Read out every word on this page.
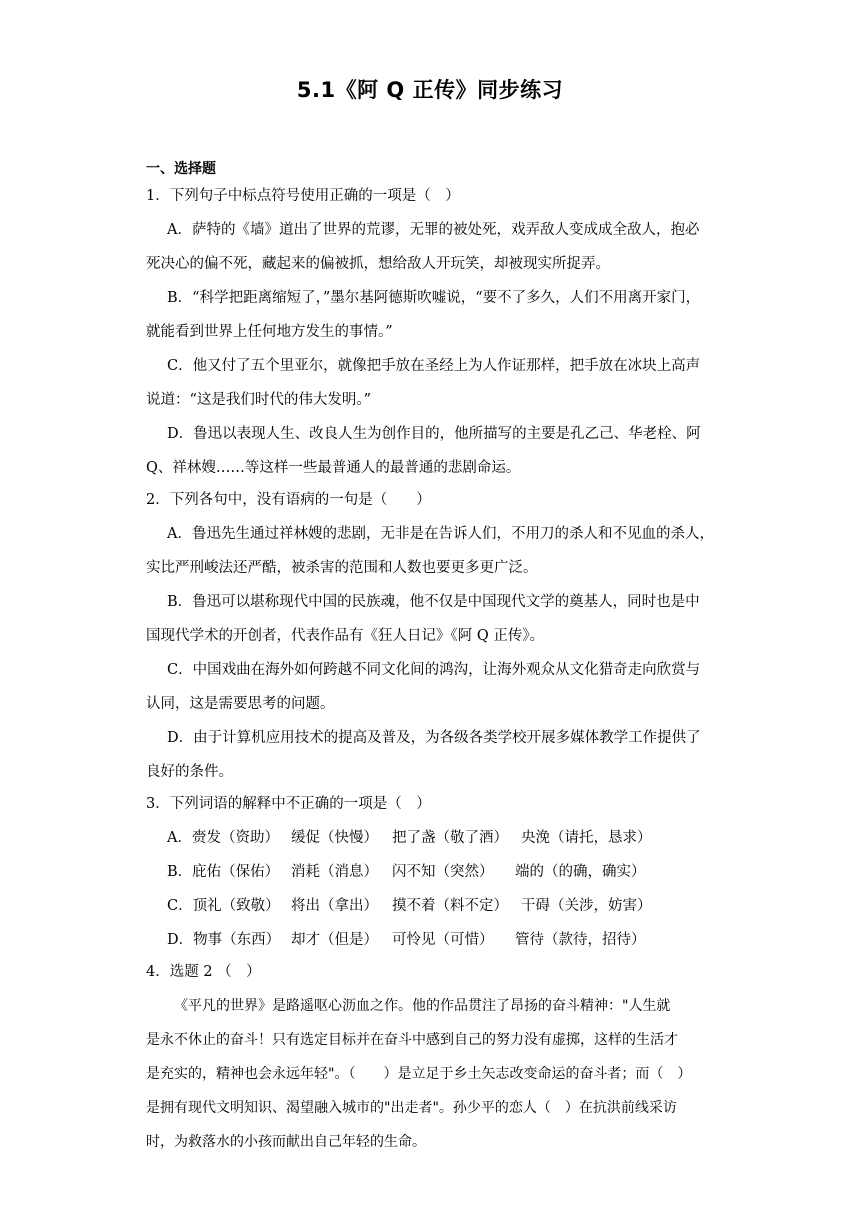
5.1《阿 Q 正传》同步练习
一、选择题
1．下列句子中标点符号使用正确的一项是（　）
A．萨特的《墙》道出了世界的荒谬，无罪的被处死，戏弄敌人变成成全敌人，抱必
死决心的偏不死，藏起来的偏被抓，想给敌人开玩笑，却被现实所捉弄。
B．“科学把距离缩短了，”墨尔基阿德斯吹嘘说，“要不了多久，人们不用离开家门，
就能看到世界上任何地方发生的事情。”
C．他又付了五个里亚尔，就像把手放在圣经上为人作证那样，把手放在冰块上高声
说道：“这是我们时代的伟大发明。”
D．鲁迅以表现人生、改良人生为创作目的，他所描写的主要是孔乙己、华老栓、阿
Q、祥林嫂……等这样一些最普通人的最普通的悲剧命运。
2．下列各句中，没有语病的一句是（　　）
A．鲁迅先生通过祥林嫂的悲剧，无非是在告诉人们，不用刀的杀人和不见血的杀人，
实比严刑峻法还严酷，被杀害的范围和人数也要更多更广泛。
B．鲁迅可以堪称现代中国的民族魂，他不仅是中国现代文学的奠基人，同时也是中
国现代学术的开创者，代表作品有《狂人日记》《阿 Q 正传》。
C．中国戏曲在海外如何跨越不同文化间的鸿沟，让海外观众从文化猎奇走向欣赏与
认同，这是需要思考的问题。
D．由于计算机应用技术的提高及普及，为各级各类学校开展多媒体教学工作提供了
良好的条件。
3．下列词语的解释中不正确的一项是（　）
A．赍发（资助） 缓促（快慢） 把了盏（敬了酒） 央浼（请托，恳求）
B．庇佑（保佑） 消耗（消息） 闪不知（突然） 端的（的确，确实）
C．顶礼（致敬） 将出（拿出） 摸不着（料不定） 干碍（关涉，妨害）
D．物事（东西） 却才（但是） 可怜见（可惜） 管待（款待，招待）
4．选题 2 （　）
《平凡的世界》是路遥呕心沥血之作。他的作品贯注了昂扬的奋斗精神："人生就
是永不休止的奋斗！只有选定目标并在奋斗中感到自己的努力没有虚掷，这样的生活才
是充实的，精神也会永远年轻"。（　　）是立足于乡土矢志改变命运的奋斗者；而（　）
是拥有现代文明知识、渴望融入城市的"出走者"。孙少平的恋人（　）在抗洪前线采访
时，为救落水的小孩而献出自己年轻的生命。
